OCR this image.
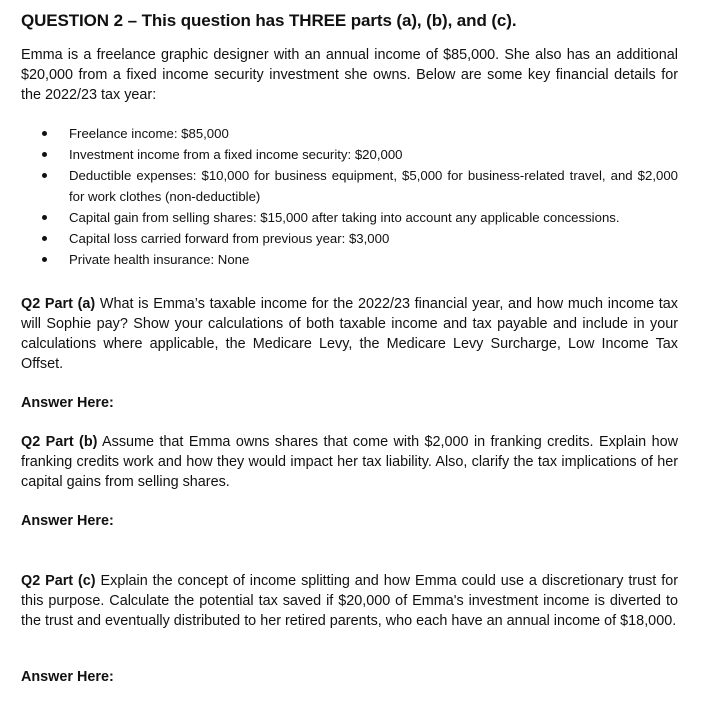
QUESTION 2 – This question has THREE parts (a), (b), and (c).
Emma is a freelance graphic designer with an annual income of $85,000. She also has an additional $20,000 from a fixed income security investment she owns. Below are some key financial details for the 2022/23 tax year:
Freelance income: $85,000
Investment income from a fixed income security: $20,000
Deductible expenses: $10,000 for business equipment, $5,000 for business-related travel, and $2,000 for work clothes (non-deductible)
Capital gain from selling shares: $15,000 after taking into account any applicable concessions.
Capital loss carried forward from previous year: $3,000
Private health insurance: None
Q2 Part (a) What is Emma’s taxable income for the 2022/23 financial year, and how much income tax will Sophie pay? Show your calculations of both taxable income and tax payable and include in your calculations where applicable, the Medicare Levy, the Medicare Levy Surcharge, Low Income Tax Offset.
Answer Here:
Q2 Part (b) Assume that Emma owns shares that come with $2,000 in franking credits. Explain how franking credits work and how they would impact her tax liability. Also, clarify the tax implications of her capital gains from selling shares.
Answer Here:
Q2 Part (c) Explain the concept of income splitting and how Emma could use a discretionary trust for this purpose. Calculate the potential tax saved if $20,000 of Emma's investment income is diverted to the trust and eventually distributed to her retired parents, who each have an annual income of $18,000.
Answer Here:
